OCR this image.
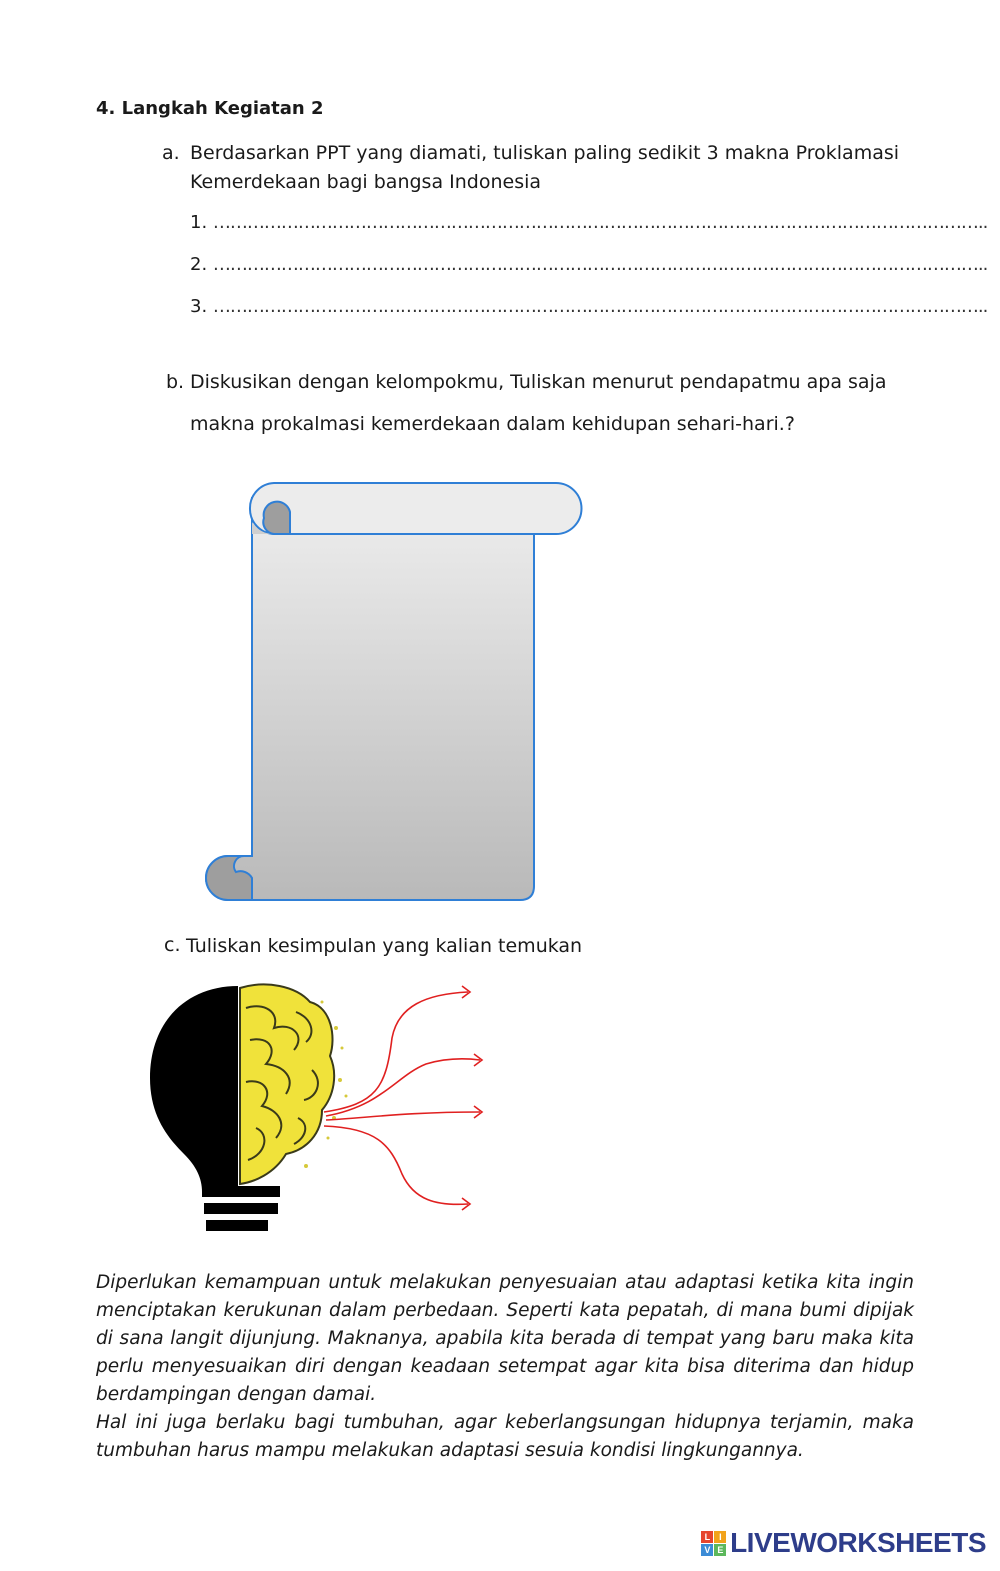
4. Langkah Kegiatan 2
a. Berdasarkan PPT yang diamati, tuliskan paling sedikit 3 makna Proklamasi
Kemerdekaan bagi bangsa Indonesia
1. ………………………………………………………………………………………………………………………..
2. ………………………………………………………………………………………………………………………..
3. ………………………………………………………………………………………………………………………..
b. Diskusikan dengan kelompokmu, Tuliskan menurut pendapatmu apa saja
makna prokalmasi kemerdekaan dalam kehidupan sehari-hari.?
c. Tuliskan kesimpulan yang kalian temukan
Diperlukan kemampuan untuk melakukan penyesuaian atau adaptasi ketika kita ingin menciptakan kerukunan dalam perbedaan. Seperti kata pepatah, di mana bumi dipijak di sana langit dijunjung. Maknanya, apabila kita berada di tempat yang baru maka kita perlu menyesuaikan diri dengan keadaan setempat agar kita bisa diterima dan hidup berdampingan dengan damai.
Hal ini juga berlaku bagi tumbuhan, agar keberlangsungan hidupnya terjamin, maka tumbuhan harus mampu melakukan adaptasi sesuia kondisi lingkungannya.
L	I
V E LIVEWORKSHEETS
